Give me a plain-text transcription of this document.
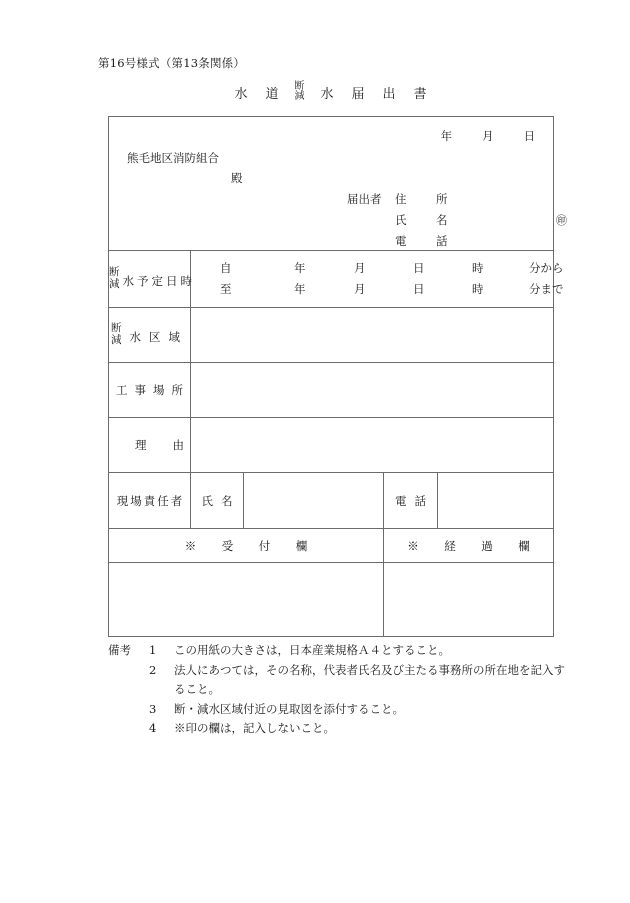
第16号様式（第13条関係）
水 道
断
減 水 届 出 書
年	月	日
熊毛地区消防組合
殿
届出者 住　所
氏　名	㊞
電　話

断
減 水予定日時	
自	年	月	日	時	分から
至	年	月	日	時	分まで

断
減 水区域				
工事場所				
理由				
現場責任者	氏名		電話	
※　受　付　欄			※　経　過　欄	

備考 1 この用紙の大きさは，日本産業規格Ａ４とすること。
2 法人にあつては，その名称，代表者氏名及び主たる事務所の所在地を記入す
ること。
3 断・減水区域付近の見取図を添付すること。
4 ※印の欄は，記入しないこと。
